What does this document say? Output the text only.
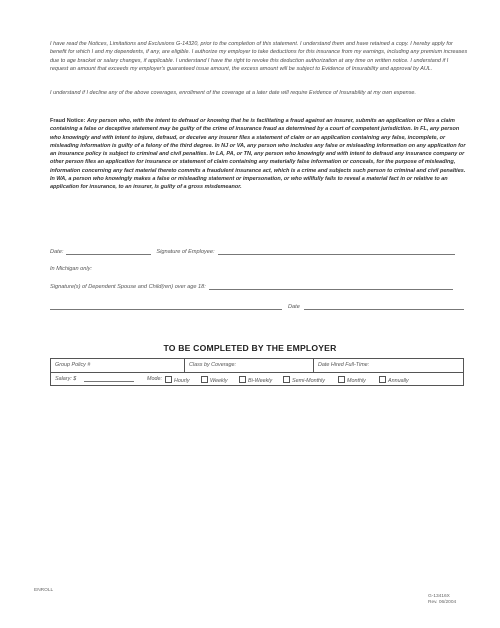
I have read the Notices, Limitations and Exclusions G-14320, prior to the completion of this statement. I understand them and have retained a copy. I hereby apply for benefit for which I and my dependents, if any, are eligible. I authorize my employer to take deductions for this insurance from my earnings, including any premium increases due to age bracket or salary changes, if applicable. I understand I have the right to revoke this deduction authorization at any time on written notice. I understand if I request an amount that exceeds my employer's guaranteed issue amount, the excess amount will be subject to Evidence of Insurability and approval by AUL.
I understand if I decline any of the above coverages, enrollment of the coverage at a later date will require Evidence of Insurability at my own expense.
Fraud Notice: Any person who, with the intent to defraud or knowing that he is facilitating a fraud against an insurer, submits an application or files a claim containing a false or deceptive statement may be guilty of the crime of insurance fraud as determined by a court of competent jurisdiction. In FL, any person who knowingly and with intent to injure, defraud, or deceive any insurer files a statement of claim or an application containing any false, incomplete, or misleading information is guilty of a felony of the third degree. In NJ or VA, any person who includes any false or misleading information on any application for an insurance policy is subject to criminal and civil penalties. In LA, PA, or TN, any person who knowingly and with intent to defraud any insurance company or other person files an application for insurance or statement of claim containing any materially false information or conceals, for the purpose of misleading, information concerning any fact material thereto commits a fraudulent insurance act, which is a crime and subjects such person to criminal and civil penalties. In WA, a person who knowingly makes a false or misleading statement or impersonation, or who willfully fails to reveal a material fact in or relative to an application for insurance, to an insurer, is guilty of a gross misdemeanor.
Date:	Signature of Employee:
In Michigan only:
Signature(s) of Dependent Spouse and Child(ren) over age 18:
Date
TO BE COMPLETED BY THE EMPLOYER
Group Policy #	Class by Coverage:	Date Hired Full-Time:
Salary: $	Mode:	Hourly	Weekly	Bi-Weekly	Semi-Monthly	Monthly	Annually
ENROLL
G-13416X
Rev. 06/2004
